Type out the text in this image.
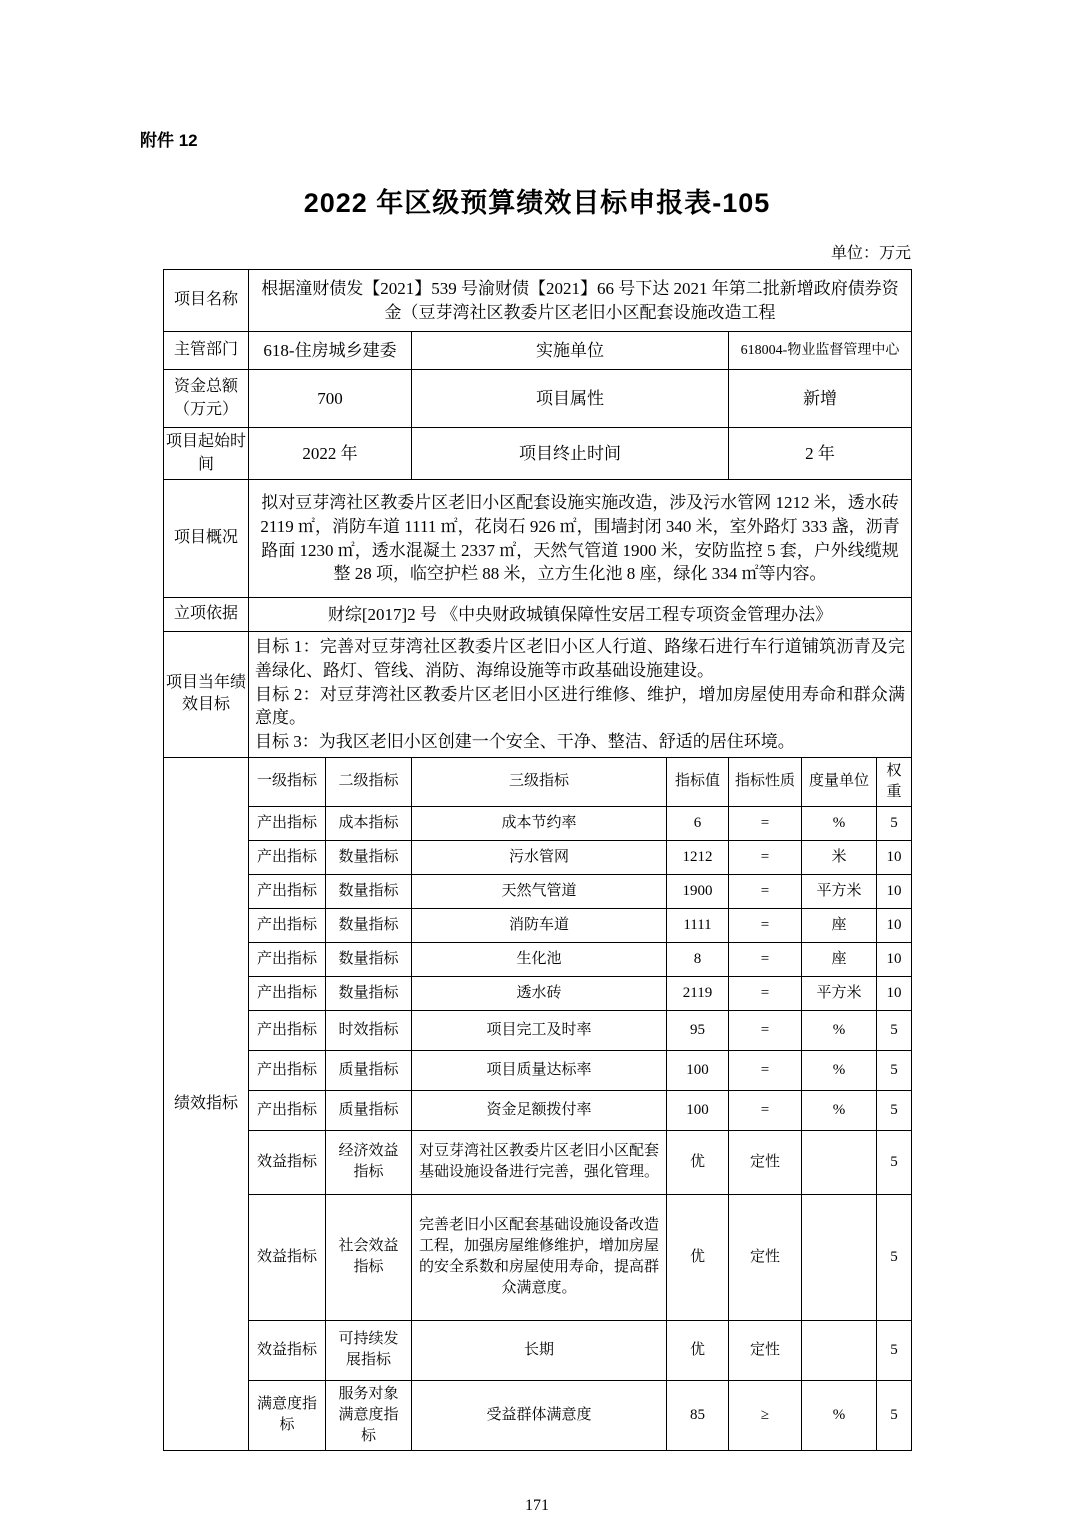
附件 12
2022 年区级预算绩效目标申报表-105
单位：万元
项目名称	根据潼财债发【2021】539 号渝财债【2021】66 号下达 2021 年第二批新增政府债券资金（豆芽湾社区教委片区老旧小区配套设施改造工程						
主管部门	618-住房城乡建委		实施单位		618004-物业监督管理中心		
资金总额（万元）	700		项目属性		新增		
项目起始时间	2022 年		项目终止时间		2 年		
项目概况	拟对豆芽湾社区教委片区老旧小区配套设施实施改造，涉及污水管网 1212 米，透水砖 2119 ㎡，消防车道 1111 ㎡，花岗石 926 ㎡，围墙封闭 340 米，室外路灯 333 盏，沥青路面 1230 ㎡，透水混凝土 2337 ㎡，天然气管道 1900 米，安防监控 5 套，户外线缆规整 28 项，临空护栏 88 米，立方生化池 8 座，绿化 334 ㎡等内容。						
立项依据	财综[2017]2 号 《中央财政城镇保障性安居工程专项资金管理办法》						
项目当年绩效目标	目标 1：完善对豆芽湾社区教委片区老旧小区人行道、路缘石进行车行道铺筑沥青及完善绿化、路灯、管线、消防、海绵设施等市政基础设施建设。
目标 2：对豆芽湾社区教委片区老旧小区进行维修、维护，增加房屋使用寿命和群众满意度。
目标 3：为我区老旧小区创建一个安全、干净、整洁、舒适的居住环境。						

绩效指标	一级指标	二级指标	三级指标	指标值	指标性质	度量单位	权重
	产出指标	成本指标	成本节约率	6	=	%	5
	产出指标	数量指标	污水管网	1212	=	米	10
	产出指标	数量指标	天然气管道	1900	=	平方米	10
	产出指标	数量指标	消防车道	1111	=	座	10
	产出指标	数量指标	生化池	8	=	座	10
	产出指标	数量指标	透水砖	2119	=	平方米	10
	产出指标	时效指标	项目完工及时率	95	=	%	5
	产出指标	质量指标	项目质量达标率	100	=	%	5
	产出指标	质量指标	资金足额拨付率	100	=	%	5
	效益指标	经济效益指标	对豆芽湾社区教委片区老旧小区配套基础设施设备进行完善，强化管理。	优	定性		5
	效益指标	社会效益指标	完善老旧小区配套基础设施设备改造工程，加强房屋维修维护，增加房屋的安全系数和房屋使用寿命，提高群众满意度。	优	定性		5
	效益指标	可持续发展指标	长期	优	定性		5
	满意度指标	服务对象满意度指标	受益群体满意度	85	≥	%	5
171
